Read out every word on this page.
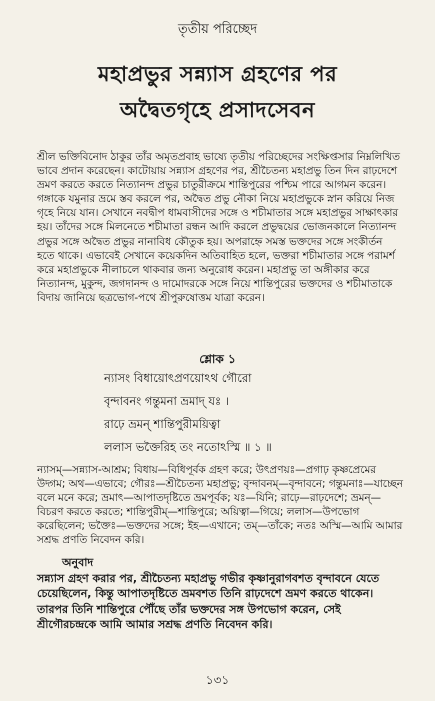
তৃতীয় পরিচ্ছেদ
মহাপ্রভুর সন্ন্যাস গ্রহণের পর
অদ্বৈতগৃহে প্রসাদসেবন

শ্রীল ভক্তিবিনোদ ঠাকুর তাঁর অমৃতপ্রবাহ ভাষ্যে তৃতীয় পরিচ্ছেদের সংক্ষিপ্তসার নিম্নলিখিত ভাবে প্রদান করেছেন। কাটোয়ায় সন্ন্যাস গ্রহণের পর, শ্রীচৈতন্য মহাপ্রভু তিন দিন রাঢ়দেশে ভ্রমণ করতে করতে নিত্যানন্দ প্রভুর চাতুরীক্রমে শান্তিপুরের পশ্চিম পারে আগমন করেন। গঙ্গাকে যমুনার ভ্রমে স্তব করলে পর, অদ্বৈত প্রভু নৌকা নিয়ে মহাপ্রভুকে স্নান করিয়ে নিজ গৃহে নিয়ে যান। সেখানে নবদ্বীপ ধামবাসীদের সঙ্গে ও শচীমাতার সঙ্গে মহাপ্রভুর সাক্ষাৎকার হয়। তাঁদের সঙ্গে মিলনেতে শচীমাতা রন্ধন আদি করলে প্রভুদ্বয়ের ভোজনকালে নিত্যানন্দ প্রভুর সঙ্গে অদ্বৈত প্রভুর নানাবিধ কৌতুক হয়। অপরাহ্নে সমস্ত ভক্তদের সঙ্গে সংকীর্তন হতে থাকে। এভাবেই সেখানে কয়েকদিন অতিবাহিত হলে, ভক্তরা শচীমাতার সঙ্গে পরামর্শ করে মহাপ্রভুকে নীলাচলে থাকবার জন্য অনুরোধ করেন। মহাপ্রভু তা অঙ্গীকার করে নিত্যানন্দ, মুকুন্দ, জগদানন্দ ও দামোদরকে সঙ্গে নিয়ে শান্তিপুরের ভক্তদের ও শচীমাতাকে বিদায় জানিয়ে ছত্রভোগ-পথে শ্রীপুরুষোত্তম যাত্রা করেন।

শ্লোক ১
ন্যাসং বিধায়োৎপ্রণয়োঽথ গৌরো
বৃন্দাবনং গন্তুমনা ভ্রমাদ্ যঃ ।
রাঢ়ে ভ্রমন্ শান্তিপুরীময়িত্বা
ললাস ভক্তৈরিহ তং নতোঽস্মি ॥ ১ ॥

ন্যাসম্—সন্ন্যাস-আশ্রম; বিধায়—বিধিপূর্বক গ্রহণ করে; উৎপ্রণয়ঃ—প্রগাঢ় কৃষ্ণপ্রেমের উদ্গম; অথ—এভাবে; গৌরঃ—শ্রীচৈতন্য মহাপ্রভু; বৃন্দাবনম্—বৃন্দাবনে; গন্তুমনাঃ—যাচ্ছেন বলে মনে করে; ভ্রমাৎ—আপাতদৃষ্টিতে ভ্রমপূর্বক; যঃ—যিনি; রাঢ়ে—রাঢ়দেশে; ভ্রমন্—বিচরণ করতে করতে; শান্তিপুরীম্—শান্তিপুরে; অয়িত্বা—গিয়ে; ললাস—উপভোগ করেছিলেন; ভক্তৈঃ—ভক্তদের সঙ্গে; ইহ—এখানে; তম্—তাঁকে; নতঃ অস্মি—আমি আমার সশ্রদ্ধ প্রণতি নিবেদন করি।

অনুবাদ

সন্ন্যাস গ্রহণ করার পর, শ্রীচৈতন্য মহাপ্রভু গভীর কৃষ্ণানুরাগবশত বৃন্দাবনে যেতে চেয়েছিলেন, কিন্তু আপাতদৃষ্টিতে ভ্রমবশত তিনি রাঢ়দেশে ভ্রমণ করতে থাকেন। তারপর তিনি শান্তিপুরে পৌঁছে তাঁর ভক্তদের সঙ্গ উপভোগ করেন, সেই শ্রীগৌরচন্দ্রকে আমি আমার সশ্রদ্ধ প্রণতি নিবেদন করি।

১৩১
